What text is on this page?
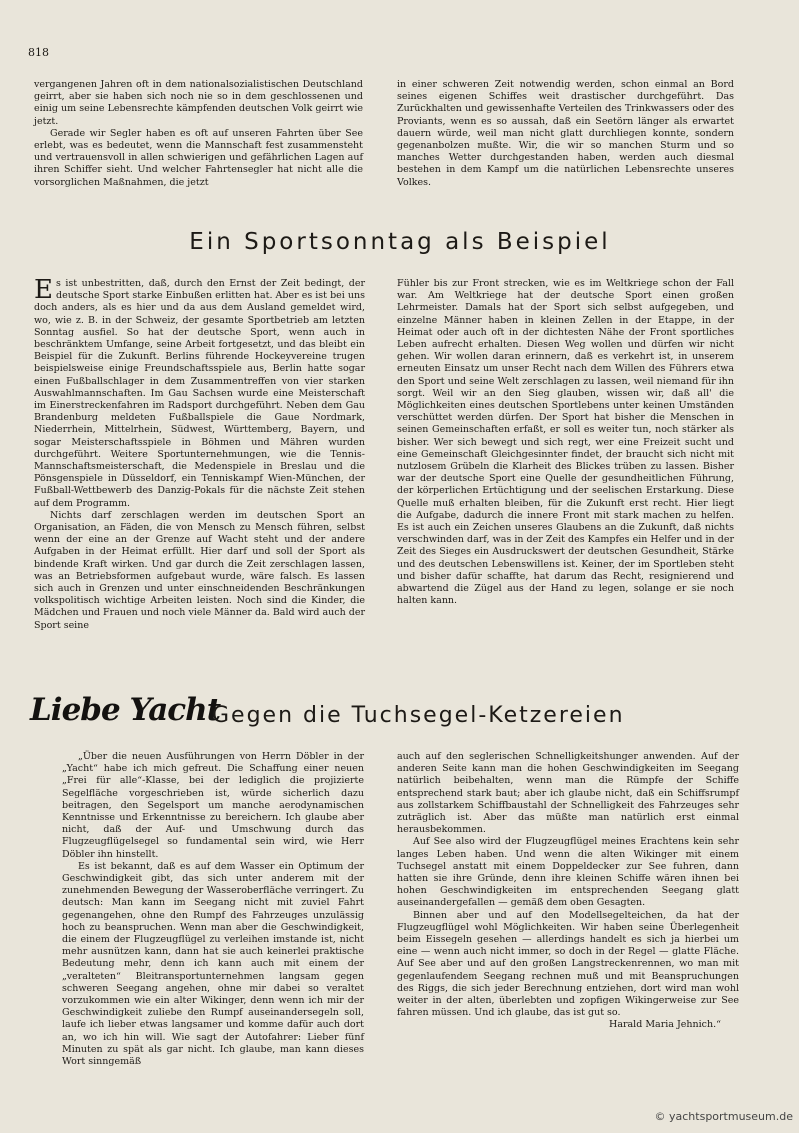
818

vergangenen Jahren oft in dem nationalsozialistischen Deutschland geirrt, aber sie haben sich noch nie so in dem geschlossenen und einig um seine Lebensrechte kämpfenden deutschen Volk geirrt wie jetzt.

Gerade wir Segler haben es oft auf unseren Fahrten über See erlebt, was es bedeutet, wenn die Mannschaft fest zusammensteht und vertrauensvoll in allen schwierigen und gefährlichen Lagen auf ihren Schiffer sieht. Und welcher Fahrtensegler hat nicht alle die vorsorglichen Maßnahmen, die jetzt

in einer schweren Zeit notwendig werden, schon einmal an Bord seines eigenen Schiffes weit drastischer durchgeführt. Das Zurückhalten und gewissenhafte Verteilen des Trinkwassers oder des Proviants, wenn es so aussah, daß ein Seetörn länger als erwartet dauern würde, weil man nicht glatt durchliegen konnte, sondern gegenanbolzen mußte. Wir, die wir so manchen Sturm und so manches Wetter durchgestanden haben, werden auch diesmal bestehen in dem Kampf um die natürlichen Lebensrechte unseres Volkes.

Ein Sportsonntag als Beispiel

Es ist unbestritten, daß, durch den Ernst der Zeit bedingt, der deutsche Sport starke Einbußen erlitten hat. Aber es ist bei uns doch anders, als es hier und da aus dem Ausland gemeldet wird, wo, wie z. B. in der Schweiz, der gesamte Sportbetrieb am letzten Sonntag ausfiel. So hat der deutsche Sport, wenn auch in beschränktem Umfange, seine Arbeit fortgesetzt, und das bleibt ein Beispiel für die Zukunft. Berlins führende Hockeyvereine trugen beispielsweise einige Freundschaftsspiele aus, Berlin hatte sogar einen Fußballschlager in dem Zusammentreffen von vier starken Auswahlmannschaften. Im Gau Sachsen wurde eine Meisterschaft im Einerstreckenfahren im Radsport durchgeführt. Neben dem Gau Brandenburg meldeten Fußballspiele die Gaue Nordmark, Niederrhein, Mittelrhein, Südwest, Württemberg, Bayern, und sogar Meisterschaftsspiele in Böhmen und Mähren wurden durchgeführt. Weitere Sportunternehmungen, wie die Tennis-Mannschaftsmeisterschaft, die Medenspiele in Breslau und die Pönsgenspiele in Düsseldorf, ein Tenniskampf Wien-München, der Fußball-Wettbewerb des Danzig-Pokals für die nächste Zeit stehen auf dem Programm.

Nichts darf zerschlagen werden im deutschen Sport an Organisation, an Fäden, die von Mensch zu Mensch führen, selbst wenn der eine an der Grenze auf Wacht steht und der andere Aufgaben in der Heimat erfüllt. Hier darf und soll der Sport als bindende Kraft wirken. Und gar durch die Zeit zerschlagen lassen, was an Betriebsformen aufgebaut wurde, wäre falsch. Es lassen sich auch in Grenzen und unter einschneidenden Beschränkungen volkspolitisch wichtige Arbeiten leisten. Noch sind die Kinder, die Mädchen und Frauen und noch viele Männer da. Bald wird auch der Sport seine

Fühler bis zur Front strecken, wie es im Weltkriege schon der Fall war. Am Weltkriege hat der deutsche Sport einen großen Lehrmeister. Damals hat der Sport sich selbst aufgegeben, und einzelne Männer haben in kleinen Zellen in der Etappe, in der Heimat oder auch oft in der dichtesten Nähe der Front sportliches Leben aufrecht erhalten. Diesen Weg wollen und dürfen wir nicht gehen. Wir wollen daran erinnern, daß es verkehrt ist, in unserem erneuten Einsatz um unser Recht nach dem Willen des Führers etwa den Sport und seine Welt zerschlagen zu lassen, weil niemand für ihn sorgt. Weil wir an den Sieg glauben, wissen wir, daß all' die Möglichkeiten eines deutschen Sportlebens unter keinen Umständen verschüttet werden dürfen. Der Sport hat bisher die Menschen in seinen Gemeinschaften erfaßt, er soll es weiter tun, noch stärker als bisher. Wer sich bewegt und sich regt, wer eine Freizeit sucht und eine Gemeinschaft Gleichgesinnter findet, der braucht sich nicht mit nutzlosem Grübeln die Klarheit des Blickes trüben zu lassen. Bisher war der deutsche Sport eine Quelle der gesundheitlichen Führung, der körperlichen Ertüchtigung und der seelischen Erstarkung. Diese Quelle muß erhalten bleiben, für die Zukunft erst recht. Hier liegt die Aufgabe, dadurch die innere Front mit stark machen zu helfen. Es ist auch ein Zeichen unseres Glaubens an die Zukunft, daß nichts verschwinden darf, was in der Zeit des Kampfes ein Helfer und in der Zeit des Sieges ein Ausdruckswert der deutschen Gesundheit, Stärke und des deutschen Lebenswillens ist. Keiner, der im Sportleben steht und bisher dafür schaffte, hat darum das Recht, resignierend und abwartend die Zügel aus der Hand zu legen, solange er sie noch halten kann.

Liebe Yacht
Gegen die Tuchsegel-Ketzereien

„Über die neuen Ausführungen von Herrn Döbler in der „Yacht“ habe ich mich gefreut. Die Schaffung einer neuen „Frei für alle“-Klasse, bei der lediglich die projizierte Segelfläche vorgeschrieben ist, würde sicherlich dazu beitragen, den Segelsport um manche aerodynamischen Kenntnisse und Erkenntnisse zu bereichern. Ich glaube aber nicht, daß der Auf- und Umschwung durch das Flugzeugflügelsegel so fundamental sein wird, wie Herr Döbler ihn hinstellt.

Es ist bekannt, daß es auf dem Wasser ein Optimum der Geschwindigkeit gibt, das sich unter anderem mit der zunehmenden Bewegung der Wasseroberfläche verringert. Zu deutsch: Man kann im Seegang nicht mit zuviel Fahrt gegenangehen, ohne den Rumpf des Fahrzeuges unzulässig hoch zu beanspruchen. Wenn man aber die Geschwindigkeit, die einem der Flugzeugflügel zu verleihen imstande ist, nicht mehr ausnützen kann, dann hat sie auch keinerlei praktische Bedeutung mehr, denn ich kann auch mit einem der „veralteten“ Bleitransportunternehmen langsam gegen schweren Seegang angehen, ohne mir dabei so veraltet vorzukommen wie ein alter Wikinger, denn wenn ich mir der Geschwindigkeit zuliebe den Rumpf auseinandersegeln soll, laufe ich lieber etwas langsamer und komme dafür auch dort an, wo ich hin will. Wie sagt der Autofahrer: Lieber fünf Minuten zu spät als gar nicht. Ich glaube, man kann dieses Wort sinngemäß

auch auf den seglerischen Schnelligkeitshunger anwenden. Auf der anderen Seite kann man die hohen Geschwindigkeiten im Seegang natürlich beibehalten, wenn man die Rümpfe der Schiffe entsprechend stark baut; aber ich glaube nicht, daß ein Schiffsrumpf aus zollstarkem Schiffbaustahl der Schnelligkeit des Fahrzeuges sehr zuträglich ist. Aber das müßte man natürlich erst einmal herausbekommen.

Auf See also wird der Flugzeugflügel meines Erachtens kein sehr langes Leben haben. Und wenn die alten Wikinger mit einem Tuchsegel anstatt mit einem Doppeldecker zur See fuhren, dann hatten sie ihre Gründe, denn ihre kleinen Schiffe wären ihnen bei hohen Geschwindigkeiten im entsprechenden Seegang glatt auseinandergefallen — gemäß dem oben Gesagten.

Binnen aber und auf den Modellsegelteichen, da hat der Flugzeugflügel wohl Möglichkeiten. Wir haben seine Überlegenheit beim Eissegeln gesehen — allerdings handelt es sich ja hierbei um eine — wenn auch nicht immer, so doch in der Regel — glatte Fläche. Auf See aber und auf den großen Langstreckenrennen, wo man mit gegenlaufendem Seegang rechnen muß und mit Beanspruchungen des Riggs, die sich jeder Berechnung entziehen, dort wird man wohl weiter in der alten, überlebten und zopfigen Wikingerweise zur See fahren müssen. Und ich glaube, das ist gut so.

Harald Maria Jehnich.“

© yachtsportmuseum.de
